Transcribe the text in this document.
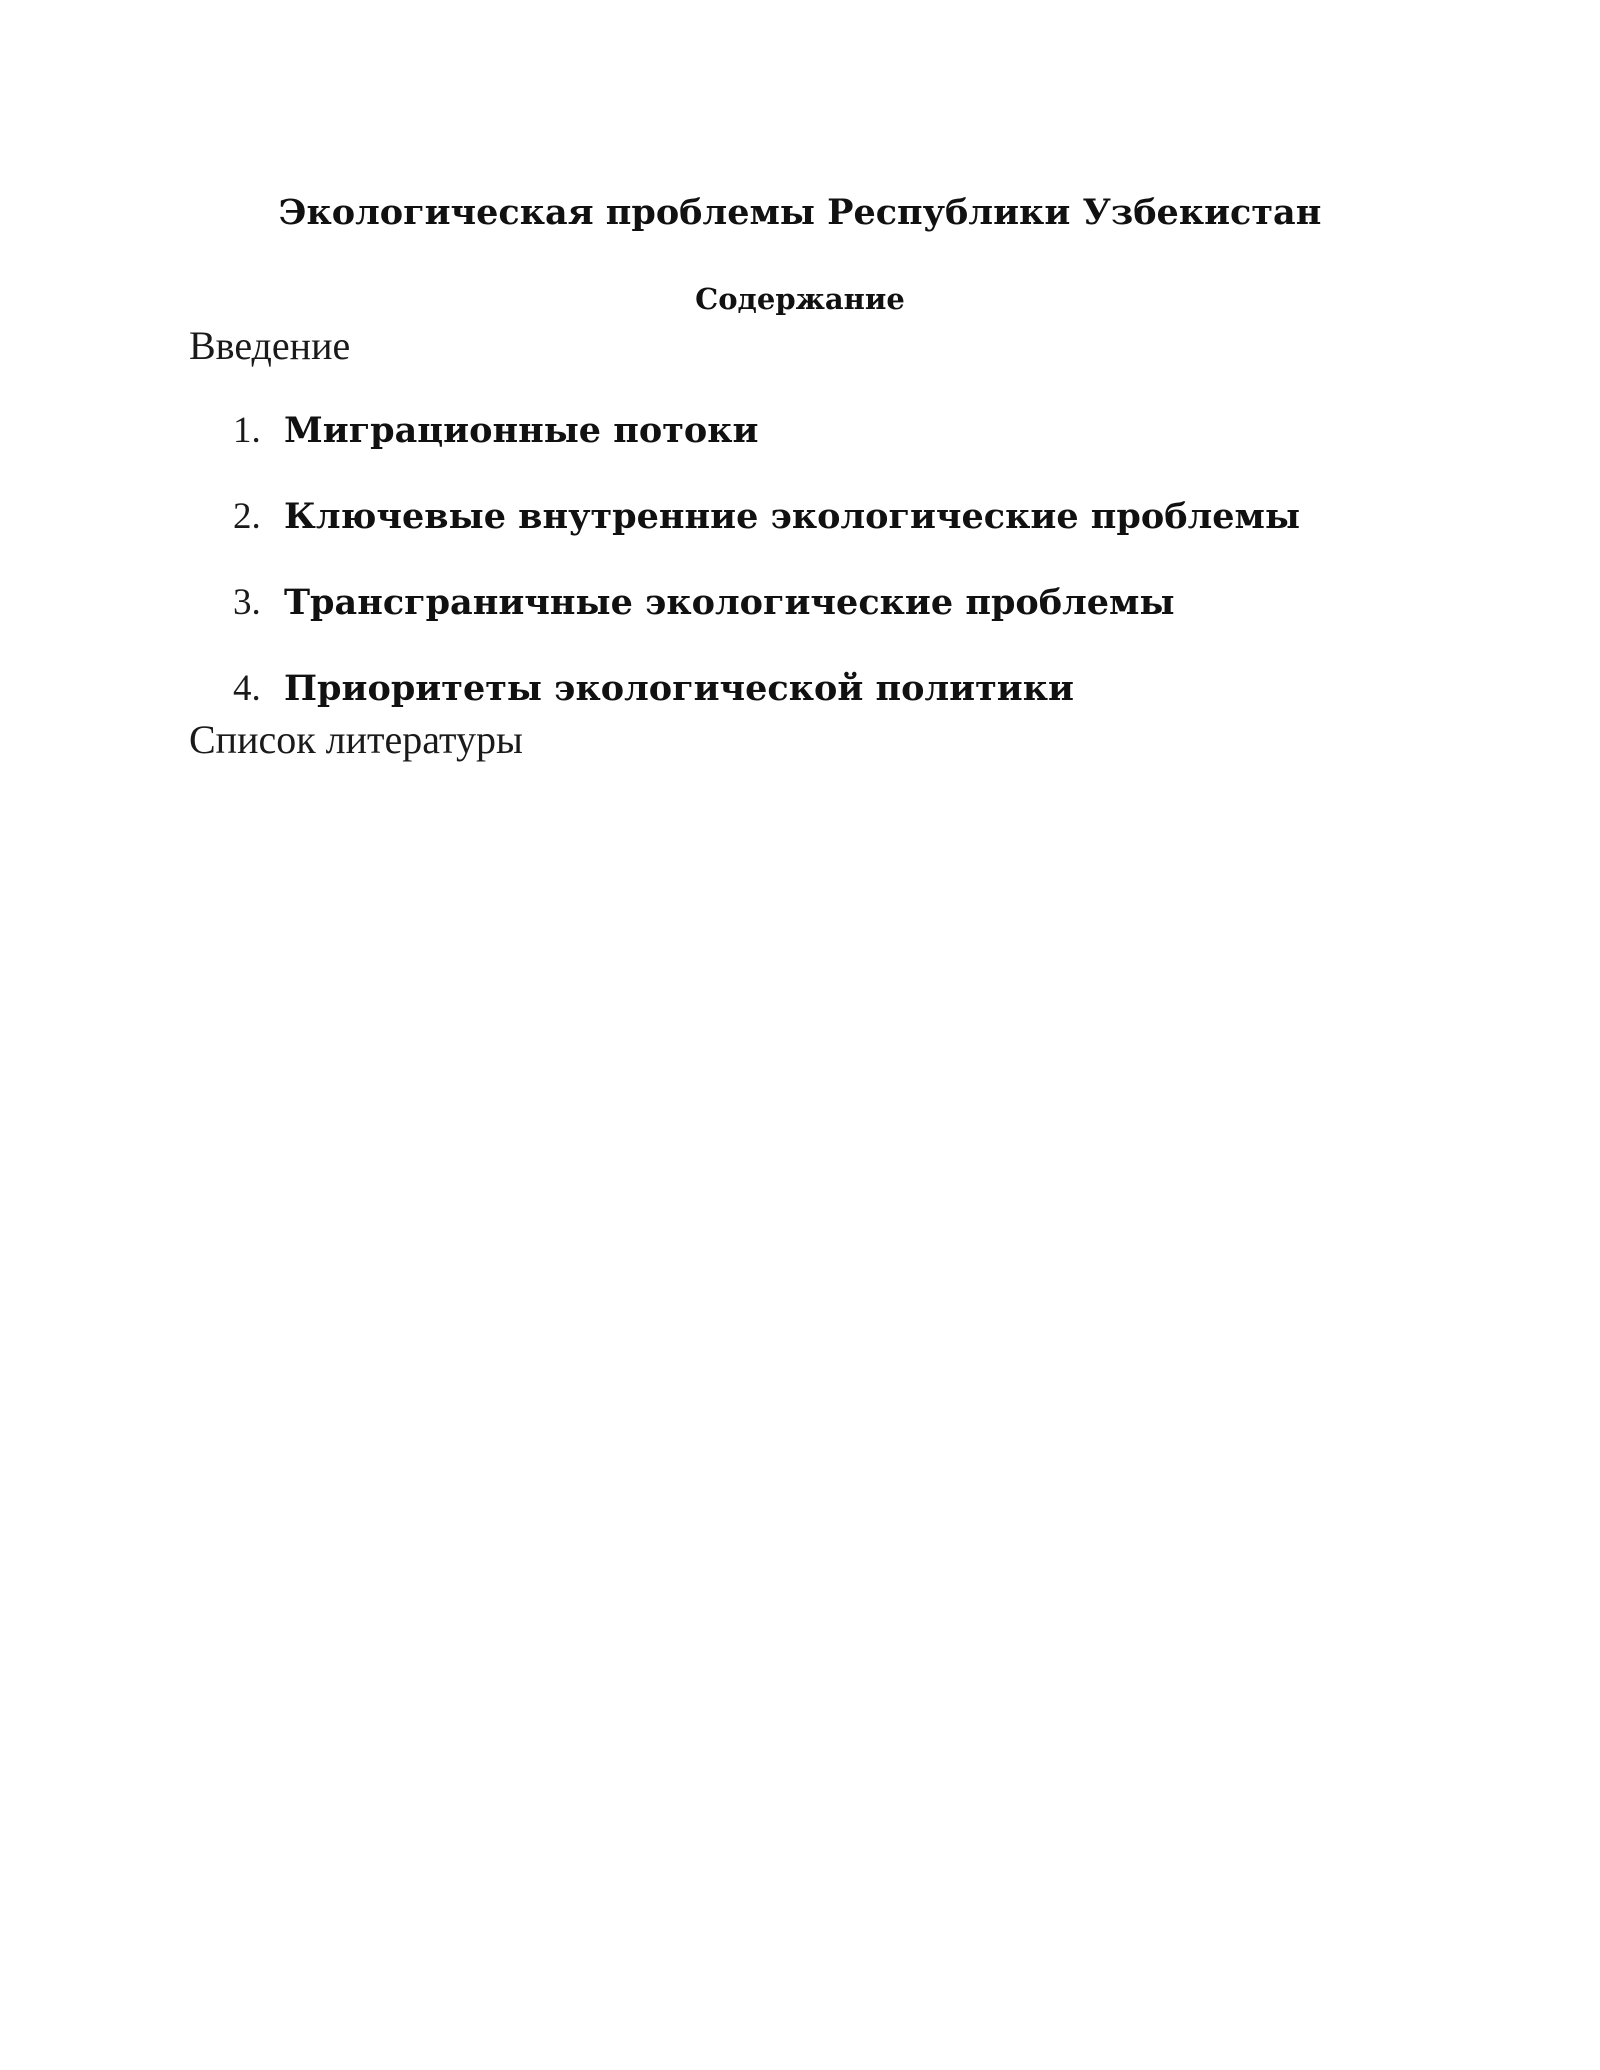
Экологическая проблемы Республики Узбекистан
Содержание

Введение

1. Миграционные потоки
2. Ключевые внутренние экологические проблемы
3. Трансграничные экологические проблемы
4. Приоритеты экологической политики

Список литературы
